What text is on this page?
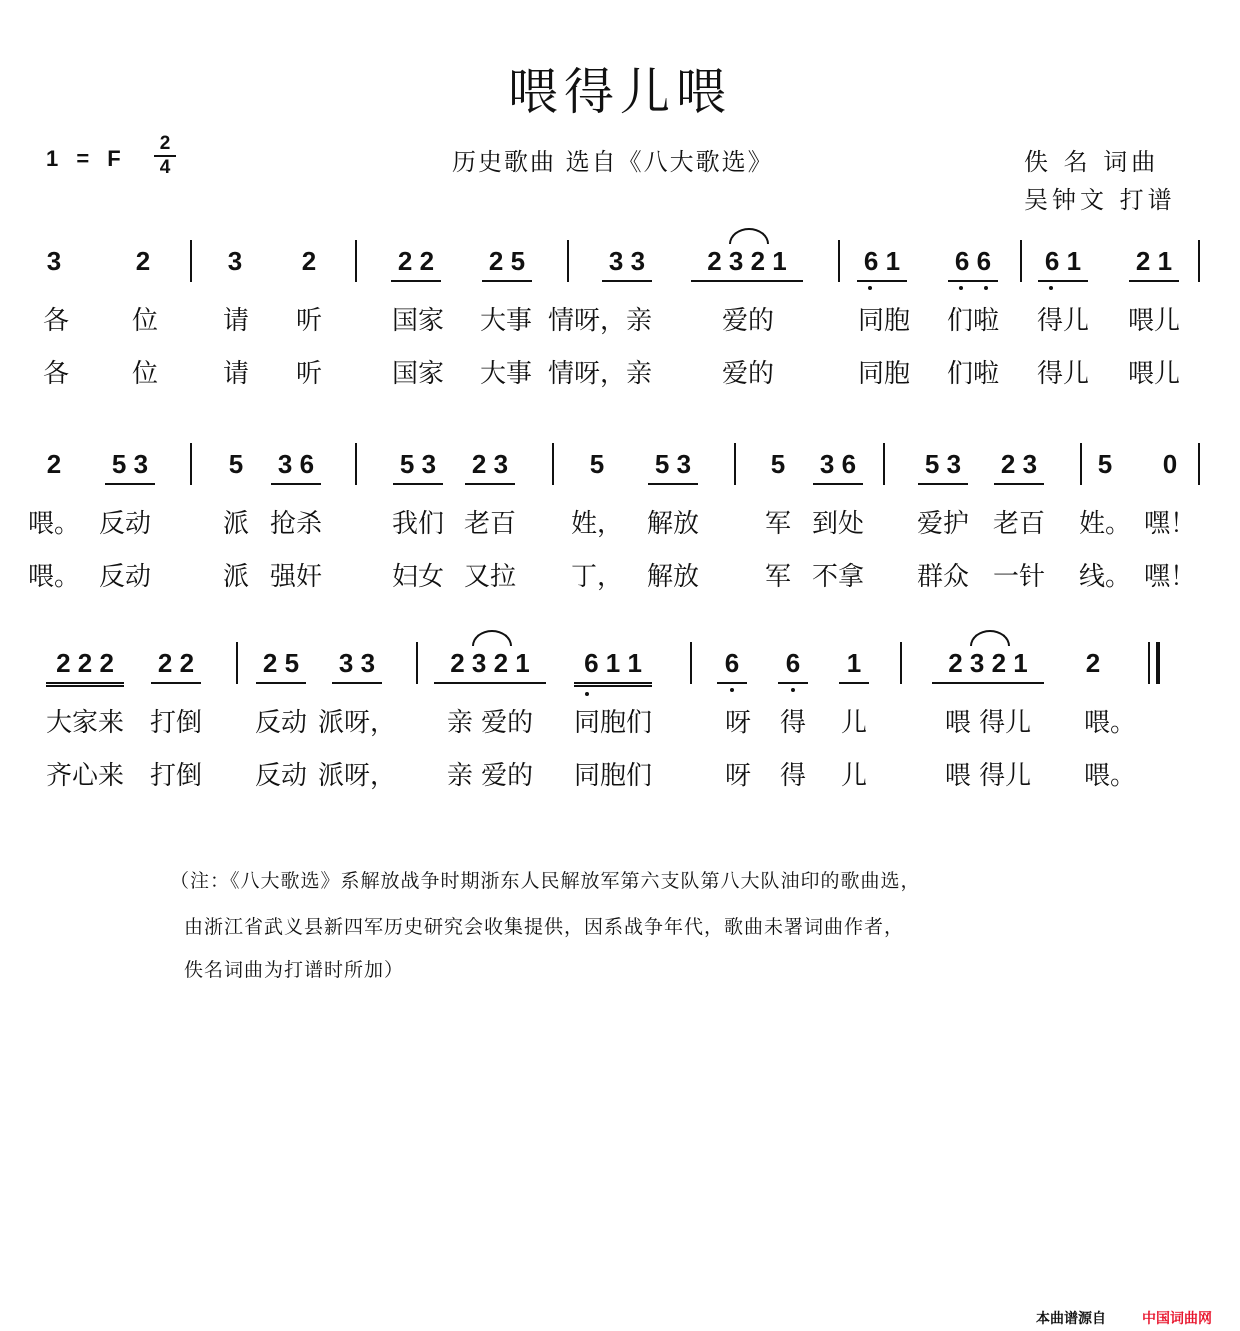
喂得儿喂
1 = F
2
4	历史歌曲 选自《八大歌选》	佚 名 词曲
吴钟文 打谱
3	2	3 2	2 2 2 5	3 3	2 3 2 1	6 1 6 6 6 1 2 1
各 位 请 听	国家 大事 情呀，亲	爱的	同胞 们啦 得儿 喂儿
各 位 请 听	国家 大事 情呀，亲	爱的	同胞 们啦 得儿 喂儿
2 5 3	5 3 6	5 3 2 3	5 5 3	5 3 6	5 3 2 3 5 0
喂。 反动	派 抢杀	我们 老百 姓， 解放	军 到处 爱护 老百 姓。 嘿！
喂。 反动	派 强奸	妇女 又拉 丁， 解放	军 不拿 群众 一针 线。 嘿！
2 2 2	2 2	2 5 3 3	2 3 2 1	6 1 1	6 6 1	2 3 2 1	2
大家来 打倒 反动 派呀， 亲 爱的 同胞们	呀 得 儿	喂 得儿 喂。
齐心来 打倒 反动 派呀， 亲 爱的 同胞们	呀 得 儿	喂 得儿 喂。
（注：《八大歌选》系解放战争时期浙东人民解放军第六支队第八大队油印的歌曲选，
由浙江省武义县新四军历史研究会收集提供，因系战争年代，歌曲未署词曲作者，
佚名词曲为打谱时所加）
本曲谱源自	中国词曲网
